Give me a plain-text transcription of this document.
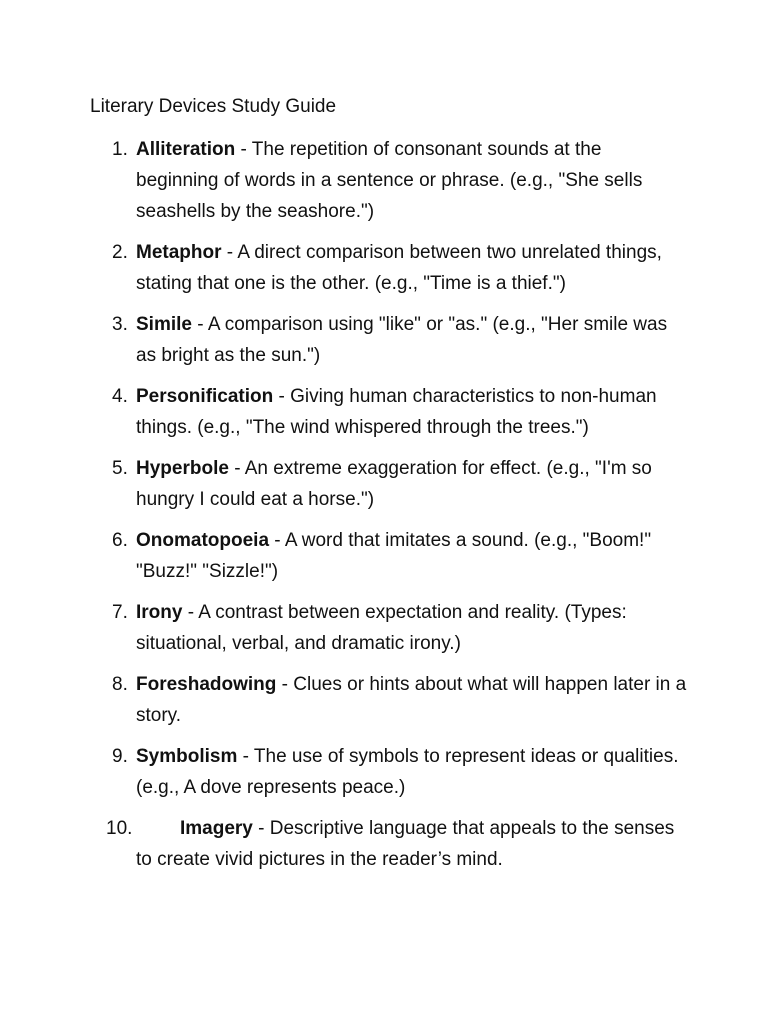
Literary Devices Study Guide
1. Alliteration - The repetition of consonant sounds at the beginning of words in a sentence or phrase. (e.g., "She sells seashells by the seashore.")
2. Metaphor - A direct comparison between two unrelated things, stating that one is the other. (e.g., "Time is a thief.")
3. Simile - A comparison using "like" or "as." (e.g., "Her smile was as bright as the sun.")
4. Personification - Giving human characteristics to non-human things. (e.g., "The wind whispered through the trees.")
5. Hyperbole - An extreme exaggeration for effect. (e.g., "I'm so hungry I could eat a horse.")
6. Onomatopoeia - A word that imitates a sound. (e.g., "Boom!" "Buzz!" "Sizzle!")
7. Irony - A contrast between expectation and reality. (Types: situational, verbal, and dramatic irony.)
8. Foreshadowing - Clues or hints about what will happen later in a story.
9. Symbolism - The use of symbols to represent ideas or qualities. (e.g., A dove represents peace.)
10.	Imagery - Descriptive language that appeals to the senses to create vivid pictures in the reader’s mind.
